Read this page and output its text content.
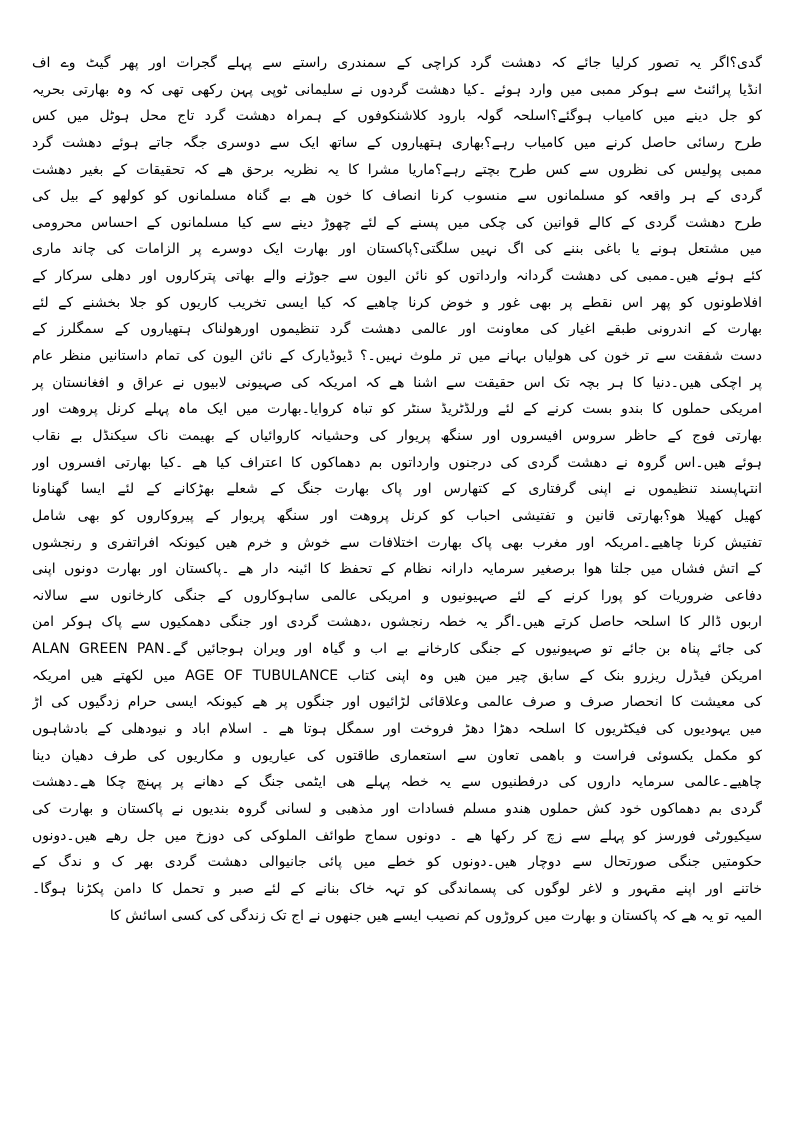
گدی؟اگر یہ تصور کرلیا جائے کہ دھشت گرد کراچی کے سمندری راستے سے پہلے گجرات اور پھر گیٹ وے اف
انڈیا پرائنٹ سے ہوکر ممبی میں وارد ہوئے ۔کیا دھشت گردوں نے سلیمانی ٹوپی پہن رکھی تھی کہ وہ بھارتی بحریہ
کو جل دینے میں کامیاب ہوگئے؟اسلحہ گولہ بارود کلاشنکوفوں کے ہمراہ دھشت گرد تاج محل ہوٹل میں کس
طرح رسائی حاصل کرنے میں کامیاب رہے؟بھاری ہتھیاروں کے ساتھ ایک سے دوسری جگہ جاتے ہوئے دھشت گرد
ممبی پولیس کی نظروں سے کس طرح بچتے رہے؟ماریا مشرا کا یہ نظریہ برحق ھے کہ تحقیقات کے بغیر دھشت
گردی کے ہر واقعہ کو مسلمانوں سے منسوب کرنا انصاف کا خون ھے بے گناہ مسلمانوں کو کولھو کے بیل کی
طرح دھشت گردی کے کالے قوانین کی چکی میں پسنے کے لئے چھوڑ دینے سے کیا مسلمانوں کے احساس محرومی
میں مشتعل ہونے یا باغی بننے کی اگ نہیں سلگتی؟پاکستان اور بھارت ایک دوسرے پر الزامات کی چاند ماری
کئے ہوئے ھیں۔ممبی کی دھشت گردانہ وارداتوں کو نائن الیون سے جوڑنے والے بھاتی پترکاروں اور دھلی سرکار کے
افلاطونوں کو پھر اس نقطے پر بھی غور و خوض کرنا چاھیے کہ کیا ایسی تخریب کاریوں کو جلا بخشنے کے لئے
بھارت کے اندرونی طبقے اغیار کی معاونت اور عالمی دھشت گرد تنظیموں اورھولناک ہتھیاروں کے سمگلرز کے
دست شفقت سے تر خون کی ھولیاں بہانے میں تر ملوث نہیں۔؟ ڈیوڈیارک کے نائن الیون کی تمام داستانیں منظر عام
پر اچکی ھیں۔دنیا کا ہر بچہ تک اس حقیقت سے اشنا ھے کہ امریکہ کی صہیونی لابیوں نے عراق و افغانستان پر
امریکی حملوں کا بندو بست کرنے کے لئے ورلڈٹریڈ سنٹر کو تباہ کروایا۔بھارت میں ایک ماہ پہلے کرنل پروھت اور
بھارتی فوج کے حاظر سروس افیسروں اور سنگھ پریوار کی وحشیانہ کاروائیاں کے بھیمت ناک سیکنڈل بے نقاب
ہوئے ھیں۔اس گروہ نے دھشت گردی کی درجنوں وارداتوں بم دھماکوں کا اعتراف کیا ھے ۔کیا بھارتی افسروں اور
انتہاپسند تنظیموں نے اپنی گرفتاری کے کتھارس اور پاک بھارت جنگ کے شعلے بھڑکانے کے لئے ایسا گھناونا
کھیل کھیلا ھو؟بھارتی قانین و تفتیشی احباب کو کرنل پروھت اور سنگھ پریوار کے پیروکاروں کو بھی شامل
تفتیش کرنا چاھیے۔امریکہ اور مغرب بھی پاک بھارت اختلافات سے خوش و خرم ھیں کیونکہ افراتفری و رنجشوں
کے اتش فشاں میں جلتا ھوا برصغیر سرمایہ دارانہ نظام کے تحفظ کا ائینہ دار ھے ۔پاکستان اور بھارت دونوں اپنی
دفاعی ضروریات کو پورا کرنے کے لئے صہیونیوں و امریکی عالمی ساہوکاروں کے جنگی کارخانوں سے سالانہ
اربوں ڈالر کا اسلحہ حاصل کرتے ھیں۔اگر یہ خطہ رنجشوں ،دھشت گردی اور جنگی دھمکیوں سے پاک ہوکر امن
کی جائے پناہ بن جائے تو صہیونیوں کے جنگی کارخانے بے اب و گیاہ اور ویران ہوجائیں گے۔ALAN GREEN PAN
امریکن فیڈرل ریزرو بنک کے سابق چیر مین ھیں وہ اپنی کتاب AGE OF TUBULANCE میں لکھتے ھیں امریکہ
کی معیشت کا انحصار صرف و صرف عالمی وعلاقائی لڑائیوں اور جنگوں پر ھے کیونکہ ایسی حرام زدگیوں کی اڑ
میں یہودیوں کی فیکٹریوں کا اسلحہ دھڑا دھڑ فروخت اور سمگل ہوتا ھے ۔ اسلام اباد و نیودھلی کے بادشاہوں
کو مکمل یکسوئی فراست و باھمی تعاون سے استعماری طاقتوں کی عیاریوں و مکاریوں کی طرف دھیان دینا
چاھیے۔عالمی سرمایہ داروں کی درفطنیوں سے یہ خطہ پہلے ھی ایٹمی جنگ کے دھانے پر پہنچ چکا ھے۔دھشت
گردی بم دھماکوں خود کش حملوں ھندو مسلم فسادات اور مذھبی و لسانی گروہ بندیوں نے پاکستان و بھارت کی
سیکیورٹی فورسز کو پہلے سے زچ کر رکھا ھے ۔ دونوں سماج طوائف الملوکی کی دوزخ میں جل رھے ھیں۔دونوں
حکومتیں جنگی صورتحال سے دوچار ھیں۔دونوں کو خطے میں پائی جانیوالی دھشت گردی بھر ک و ندگ کے
خاتنے اور اپنے مقہور و لاغر لوگوں کی پسماندگی کو تہہ خاک بنانے کے لئے صبر و تحمل کا دامن پکڑنا ہوگا۔
المیہ تو یہ ھے کہ پاکستان و بھارت میں کروڑوں کم نصیب ایسے ھیں جنھوں نے اج تک زندگی کی کسی اسائش کا
